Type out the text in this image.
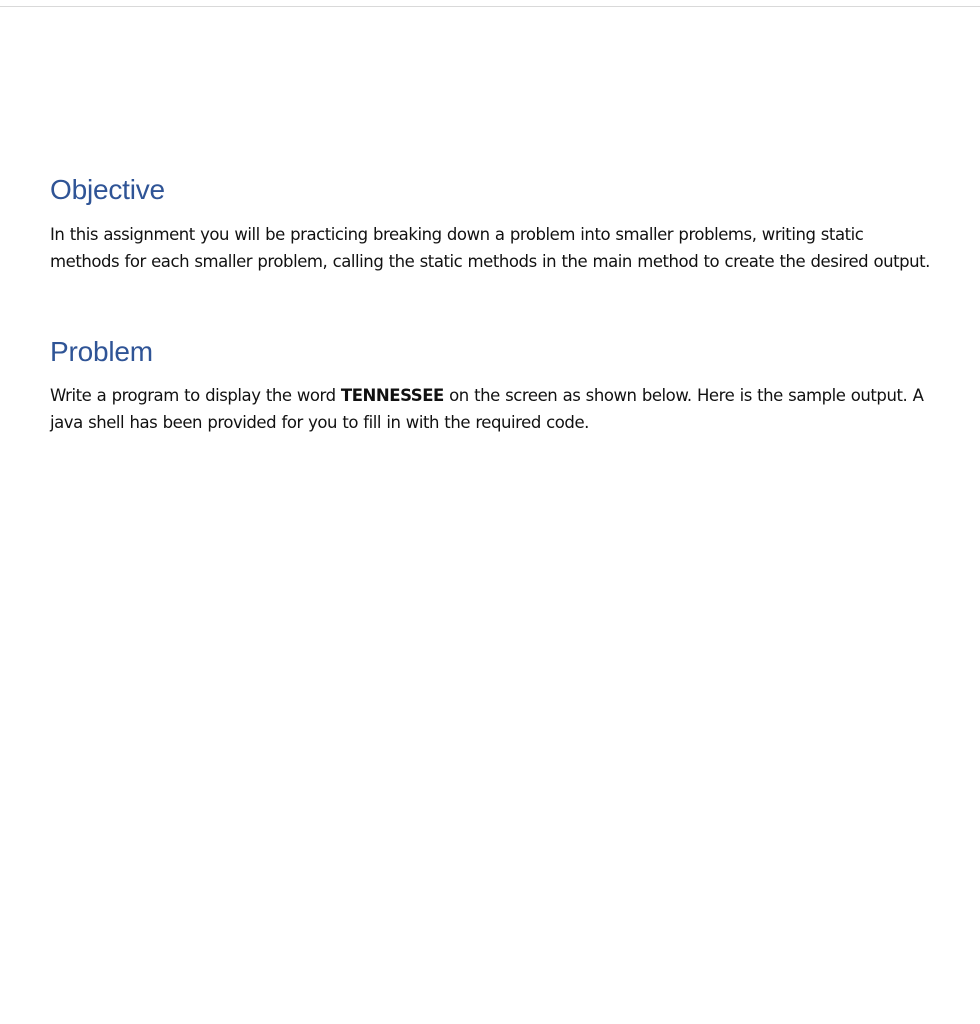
Objective

In this assignment you will be practicing breaking down a problem into smaller problems, writing static methods for each smaller problem, calling the static methods in the main method to create the desired output.

Problem

Write a program to display the word TENNESSEE on the screen as shown below. Here is the sample output. A java shell has been provided for you to fill in with the required code.
